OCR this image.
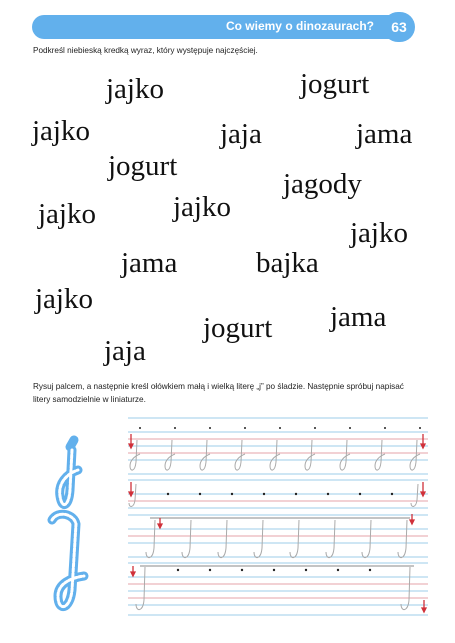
Co wiemy o dinozaurach?	63
Podkreśl niebieską kredką wyraz, który występuje najczęściej.
jajko	jogurt
jajko	jaja	jama
jogurt
jagody
jajko	jajko
jajko
jama	bajka
jajko
jama
jogurt
jaja
Rysuj palcem, a następnie kreśl ołówkiem małą i wielką literę „j” po śladzie. Następnie spróbuj napisać
litery samodzielnie w liniaturze.
